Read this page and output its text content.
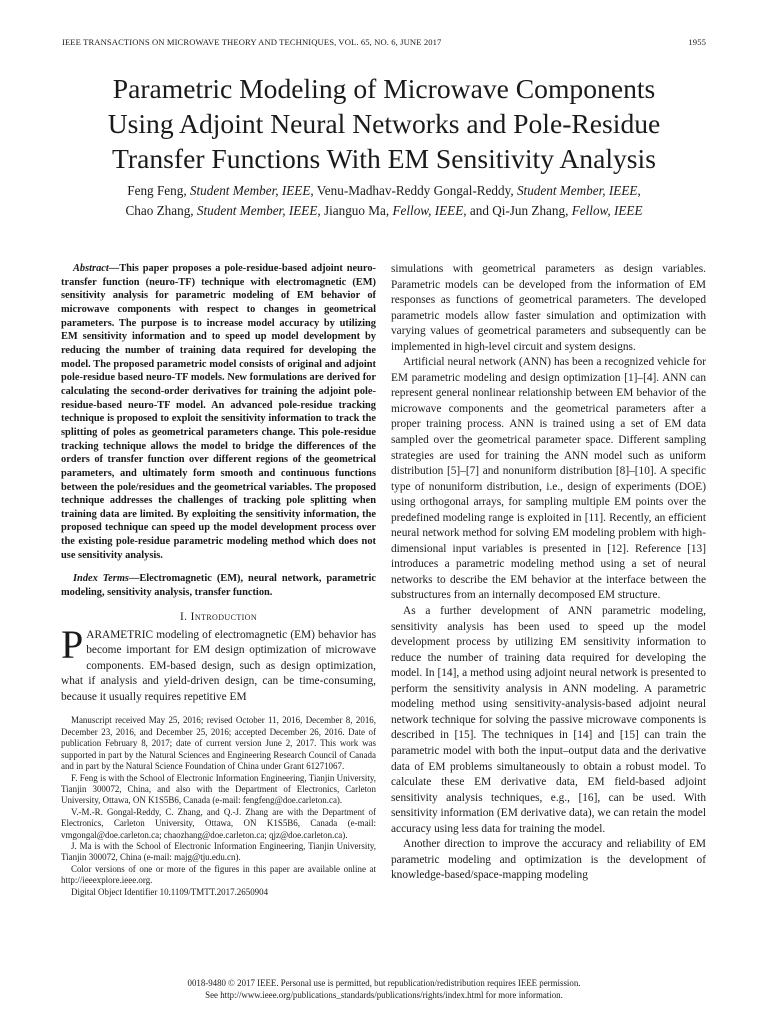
IEEE TRANSACTIONS ON MICROWAVE THEORY AND TECHNIQUES, VOL. 65, NO. 6, JUNE 2017	1955
Parametric Modeling of Microwave Components
Using Adjoint Neural Networks and Pole-Residue
Transfer Functions With EM Sensitivity Analysis
Feng Feng, Student Member, IEEE, Venu-Madhav-Reddy Gongal-Reddy, Student Member, IEEE,
Chao Zhang, Student Member, IEEE, Jianguo Ma, Fellow, IEEE, and Qi-Jun Zhang, Fellow, IEEE

Abstract—This paper proposes a pole-residue-based adjoint neuro-transfer function (neuro-TF) technique with electromagnetic (EM) sensitivity analysis for parametric modeling of EM behavior of microwave components with respect to changes in geometrical parameters. The purpose is to increase model accuracy by utilizing EM sensitivity information and to speed up model development by reducing the number of training data required for developing the model. The proposed parametric model consists of original and adjoint pole-residue based neuro-TF models. New formulations are derived for calculating the second-order derivatives for training the adjoint pole-residue-based neuro-TF model. An advanced pole-residue tracking technique is proposed to exploit the sensitivity information to track the splitting of poles as geometrical parameters change. This pole-residue tracking technique allows the model to bridge the differences of the orders of transfer function over different regions of the geometrical parameters, and ultimately form smooth and continuous functions between the pole/residues and the geometrical variables. The proposed technique addresses the challenges of tracking pole splitting when training data are limited. By exploiting the sensitivity information, the proposed technique can speed up the model development process over the existing pole-residue parametric modeling method which does not use sensitivity analysis.

Index Terms—Electromagnetic (EM), neural network, parametric modeling, sensitivity analysis, transfer function.

I. Introduction

PARAMETRIC modeling of electromagnetic (EM) behavior has become important for EM design optimization of microwave components. EM-based design, such as design optimization, what if analysis and yield-driven design, can be time-consuming, because it usually requires repetitive EM

Manuscript received May 25, 2016; revised October 11, 2016, December 8, 2016, December 23, 2016, and December 25, 2016; accepted December 26, 2016. Date of publication February 8, 2017; date of current version June 2, 2017. This work was supported in part by the Natural Sciences and Engineering Research Council of Canada and in part by the Natural Science Foundation of China under Grant 61271067.

F. Feng is with the School of Electronic Information Engineering, Tianjin University, Tianjin 300072, China, and also with the Department of Electronics, Carleton University, Ottawa, ON K1S5B6, Canada (e-mail: fengfeng@doe.carleton.ca).

V.-M.-R. Gongal-Reddy, C. Zhang, and Q.-J. Zhang are with the Department of Electronics, Carleton University, Ottawa, ON K1S5B6, Canada (e-mail: vmgongal@doe.carleton.ca; chaozhang@doe.carleton.ca; qjz@doe.carleton.ca).

J. Ma is with the School of Electronic Information Engineering, Tianjin University, Tianjin 300072, China (e-mail: majg@tju.edu.cn).

Color versions of one or more of the figures in this paper are available online at http://ieeexplore.ieee.org.

Digital Object Identifier 10.1109/TMTT.2017.2650904

simulations with geometrical parameters as design variables. Parametric models can be developed from the information of EM responses as functions of geometrical parameters. The developed parametric models allow faster simulation and optimization with varying values of geometrical parameters and subsequently can be implemented in high-level circuit and system designs.

Artificial neural network (ANN) has been a recognized vehicle for EM parametric modeling and design optimization [1]–[4]. ANN can represent general nonlinear relationship between EM behavior of the microwave components and the geometrical parameters after a proper training process. ANN is trained using a set of EM data sampled over the geometrical parameter space. Different sampling strategies are used for training the ANN model such as uniform distribution [5]–[7] and nonuniform distribution [8]–[10]. A specific type of nonuniform distribution, i.e., design of experiments (DOE) using orthogonal arrays, for sampling multiple EM points over the predefined modeling range is exploited in [11]. Recently, an efficient neural network method for solving EM modeling problem with high-dimensional input variables is presented in [12]. Reference [13] introduces a parametric modeling method using a set of neural networks to describe the EM behavior at the interface between the substructures from an internally decomposed EM structure.

As a further development of ANN parametric modeling, sensitivity analysis has been used to speed up the model development process by utilizing EM sensitivity information to reduce the number of training data required for developing the model. In [14], a method using adjoint neural network is presented to perform the sensitivity analysis in ANN modeling. A parametric modeling method using sensitivity-analysis-based adjoint neural network technique for solving the passive microwave components is described in [15]. The techniques in [14] and [15] can train the parametric model with both the input–output data and the derivative data of EM problems simultaneously to obtain a robust model. To calculate these EM derivative data, EM field-based adjoint sensitivity analysis techniques, e.g., [16], can be used. With sensitivity information (EM derivative data), we can retain the model accuracy using less data for training the model.

Another direction to improve the accuracy and reliability of EM parametric modeling and optimization is the development of knowledge-based/space-mapping modeling

0018-9480 © 2017 IEEE. Personal use is permitted, but republication/redistribution requires IEEE permission.
See http://www.ieee.org/publications_standards/publications/rights/index.html for more information.
